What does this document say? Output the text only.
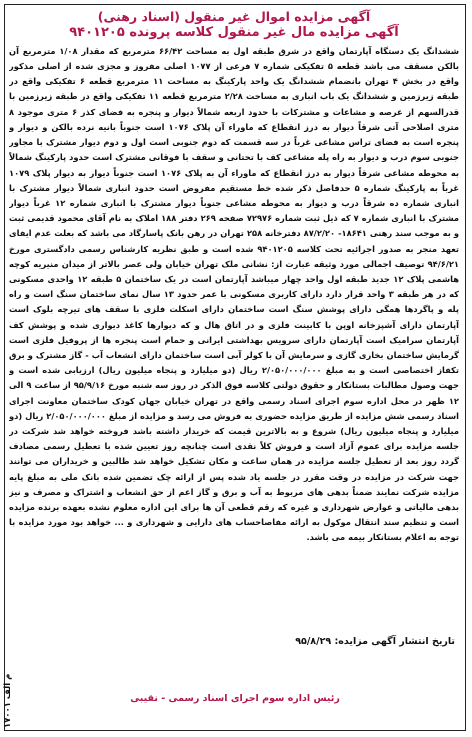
آگهی مزایده اموال غیر منقول (اسناد رهنی)
آگهی مزایده مال غیر منقول کلاسه پرونده ۹۴۰۱۲۰۵

ششدانگ یک دستگاه آپارتمان واقع در شرق طبقه اول به مساحت ۶۶/۴۲ مترمربع که مقدار ۱/۰۸ مترمربع آن بالکن مسقف می باشد قطعه ۵ تفکیکی شماره ۷ فرعی از ۱۰۷۷ اصلی مفروز و مجزی شده از اصلی مذکور واقع در بخش ۴ تهران بانضمام ششدانگ یک واحد پارکینگ به مساحت ۱۱ مترمربع قطعه ۶ تفکیکی واقع در طبقه زیرزمین و ششدانگ یک باب انباری به مساحت ۲/۲۸ مترمربع قطعه ۱۱ تفکیکی واقع در طبقه زیرزمین با قدرالسهم از عرصه و مشاعات و مشترکات با حدود اربعه شمالاً دیوار و پنجره به فضای کذر ۶ متری موجود ۸ متری اصلاحی آتی شرقاً دیوار به درز انقطاع که ماوراء آن پلاک ۱۰۷۶ است جنوباً بانیه نرده بالکن و دیوار و پنجره است به فضای تراس مشاعی غرباً در سه قسمت که دوم جنوبی است اول و دوم دیوار مشترک با مجاور جنوبی سوم درب و دیوار به راه پله مشاعی کف با تحتانی و سقف با فوقانی مشترک است حدود پارکینگ شمالاً به محوطه مشاعی شرقاً دیوار به درز انقطاع که ماوراء آن به پلاک ۱۰۷۶ است جنوباً دیوار به دیوار پلاک ۱۰۷۹ غرباً به پارکینگ شماره ۵ حدفاصل ذکر شده خط مستقیم مفروض است حدود انباری شمالاً دیوار مشترک با انباری شماره ده شرقاً درب و دیوار به محوطه مشاعی جنوباً دیوار مشترک با انباری شماره ۱۲ غرباً دیوار مشترک با انباری شماره ۷ که ذیل ثبت شماره ۷۲۹۷۶ صفحه ۲۶۹ دفتر ۱۸۸ املاک به نام آقای محمود قدیمی ثبت و به موجب سند رهنی ۱۸۶۴۱- ۸۷/۲/۲۰ دفترخانه ۲۵۸ تهران در رهن بانک پاسارگاد می باشد که بعلت عدم ایفای تعهد منجر به صدور اجرائیه تحت کلاسه ۹۴۰۱۲۰۵ شده است و طبق نظریه کارشناس رسمی دادگستری مورخ ۹۴/۶/۲۱ توصیف اجمالی مورد وثیقه عبارت از: نشانی ملک تهران خیابان ولی عصر بالاتر از میدان منیریه کوچه هاشمی پلاک ۱۲ جدید طبقه اول واحد چهار میباشد آپارتمان است در یک ساختمان ۵ طبقه ۱۲ واحدی مسکونی که در هر طبقه ۳ واحد قرار دارد دارای کاربری مسکونی با عمر حدود ۱۳ سال نمای ساختمان سنگ است و راه پله و پاگردها همگی دارای پوشش سنگ است ساختمان دارای اسکلت فلزی با سقف های تیرچه بلوک است آپارتمان دارای آشپزخانه اوپن با کابینت فلزی و در اتاق هال و که دیوارها کاغذ دیواری شده و پوشش کف آپارتمان سرامیک است آپارتمان دارای سرویس بهداشتی ایرانی و حمام است پنجره ها از پروفیل فلزی است گرمایش ساختمان بخاری گازی و سرمایش آن با کولر آبی است ساختمان دارای انشعاب آب - گاز مشترک و برق تکفاز اختصاصی است و به مبلغ ۲/۰۵۰/۰۰۰/۰۰۰ ریال (دو میلیارد و پنجاه میلیون ریال) ارزیابی شده است و جهت وصول مطالبات بستانکار و حقوق دولتی کلاسه فوق الذکر در روز سه شنبه مورخ ۹۵/۹/۱۶ از ساعت ۹ الی ۱۲ ظهر در محل اداره سوم اجرای اسناد رسمی واقع در تهران خیابان جهان کودک ساختمان معاونت اجرای اسناد رسمی شش مزایده از طریق مزایده حضوری به فروش می رسد و مزایده از مبلغ ۲/۰۵۰/۰۰۰/۰۰۰ ریال (دو میلیارد و پنجاه میلیون ریال) شروع و به بالاترین قیمت که خریدار داشته باشد فروخته خواهد شد شرکت در جلسه مزایده برای عموم آزاد است و فروش کلاً نقدی است چنانچه روز تعیین شده با تعطیل رسمی مصادف گردد روز بعد از تعطیل جلسه مزایده در همان ساعت و مکان تشکیل خواهد شد طالبین و خریداران می توانند جهت شرکت در مزایده در وقت مقرر در جلسه یاد شده پس از ارائه چک تضمین شده بانک ملی به مبلغ پایه مزایده شرکت نمایند ضمناً بدهی های مربوط به آب و برق و گاز اعم از حق انشعاب و اشتراک و مصرف و نیز بدهی مالیاتی و عوارض شهرداری و غیره که رقم قطعی آن ها برای این اداره معلوم نشده بعهده برنده مزایده است و تنظیم سند انتقال موکول به ارائه مفاصاحساب های دارایی و شهرداری و ... خواهد بود مورد مزایده با توجه به اعلام بستانکار بیمه می باشد.

تاریخ انتشار آگهی مزایده: ۹۵/۸/۲۹
رئیس اداره سوم اجرای اسناد رسمی - نقیبی
م الف ۱۷۰۰۱
